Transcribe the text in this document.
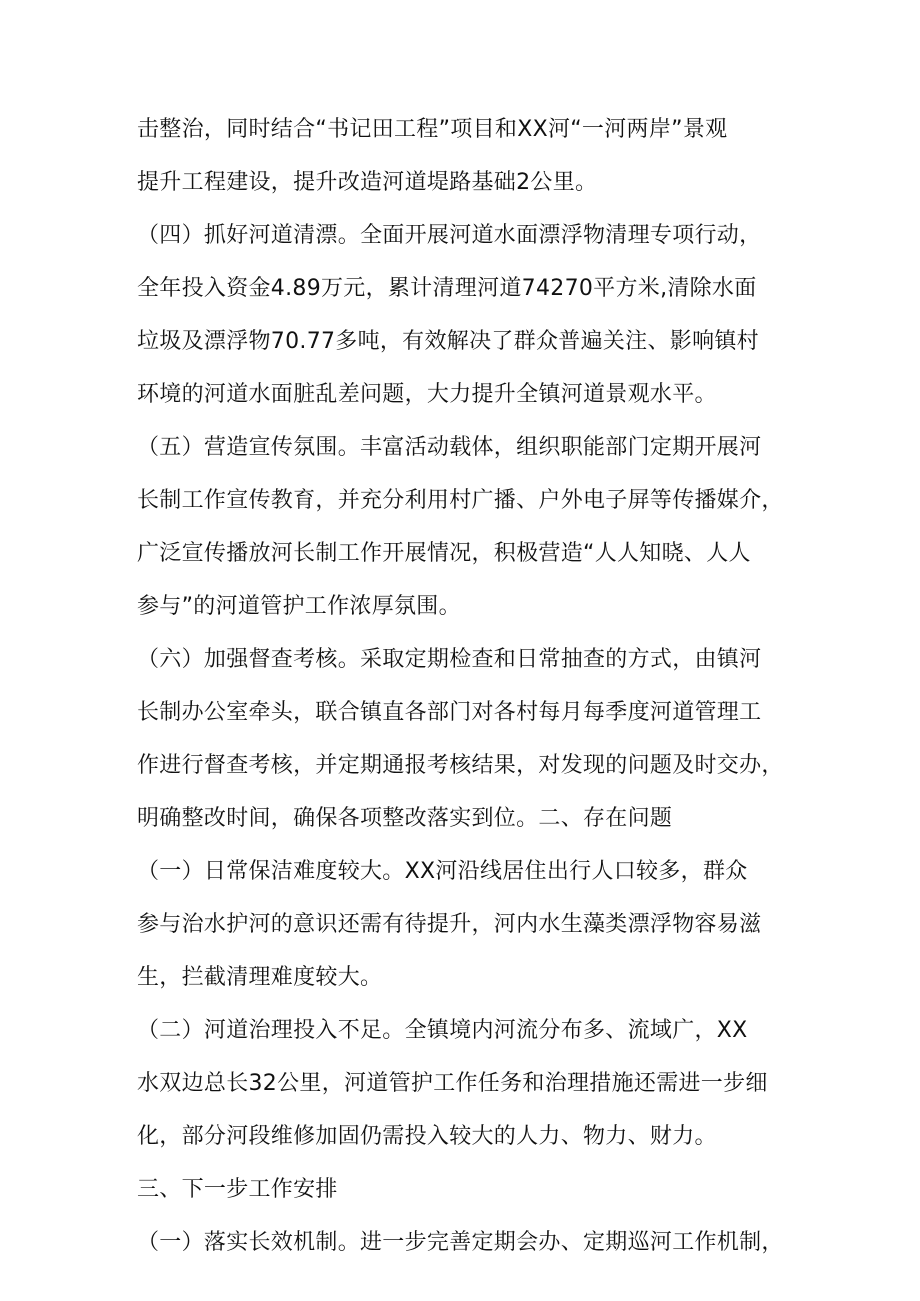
击整治，同时结合“书记田工程”项目和XX河“一河两岸”景观
提升工程建设，提升改造河道堤路基础2公里。
（四）抓好河道清漂。全面开展河道水面漂浮物清理专项行动，
全年投入资金4.89万元，累计清理河道74270平方米,清除水面
垃圾及漂浮物70.77多吨，有效解决了群众普遍关注、影响镇村
环境的河道水面脏乱差问题，大力提升全镇河道景观水平。
（五）营造宣传氛围。丰富活动载体，组织职能部门定期开展河
长制工作宣传教育，并充分利用村广播、户外电子屏等传播媒介，
广泛宣传播放河长制工作开展情况，积极营造“人人知晓、人人
参与”的河道管护工作浓厚氛围。
（六）加强督查考核。采取定期检查和日常抽查的方式，由镇河
长制办公室牵头，联合镇直各部门对各村每月每季度河道管理工
作进行督查考核，并定期通报考核结果，对发现的问题及时交办，
明确整改时间，确保各项整改落实到位。二、存在问题
（一）日常保洁难度较大。XX河沿线居住出行人口较多，群众
参与治水护河的意识还需有待提升，河内水生藻类漂浮物容易滋
生，拦截清理难度较大。
（二）河道治理投入不足。全镇境内河流分布多、流域广，XX
水双边总长32公里，河道管护工作任务和治理措施还需进一步细
化，部分河段维修加固仍需投入较大的人力、物力、财力。
三、下一步工作安排
（一）落实长效机制。进一步完善定期会办、定期巡河工作机制，
